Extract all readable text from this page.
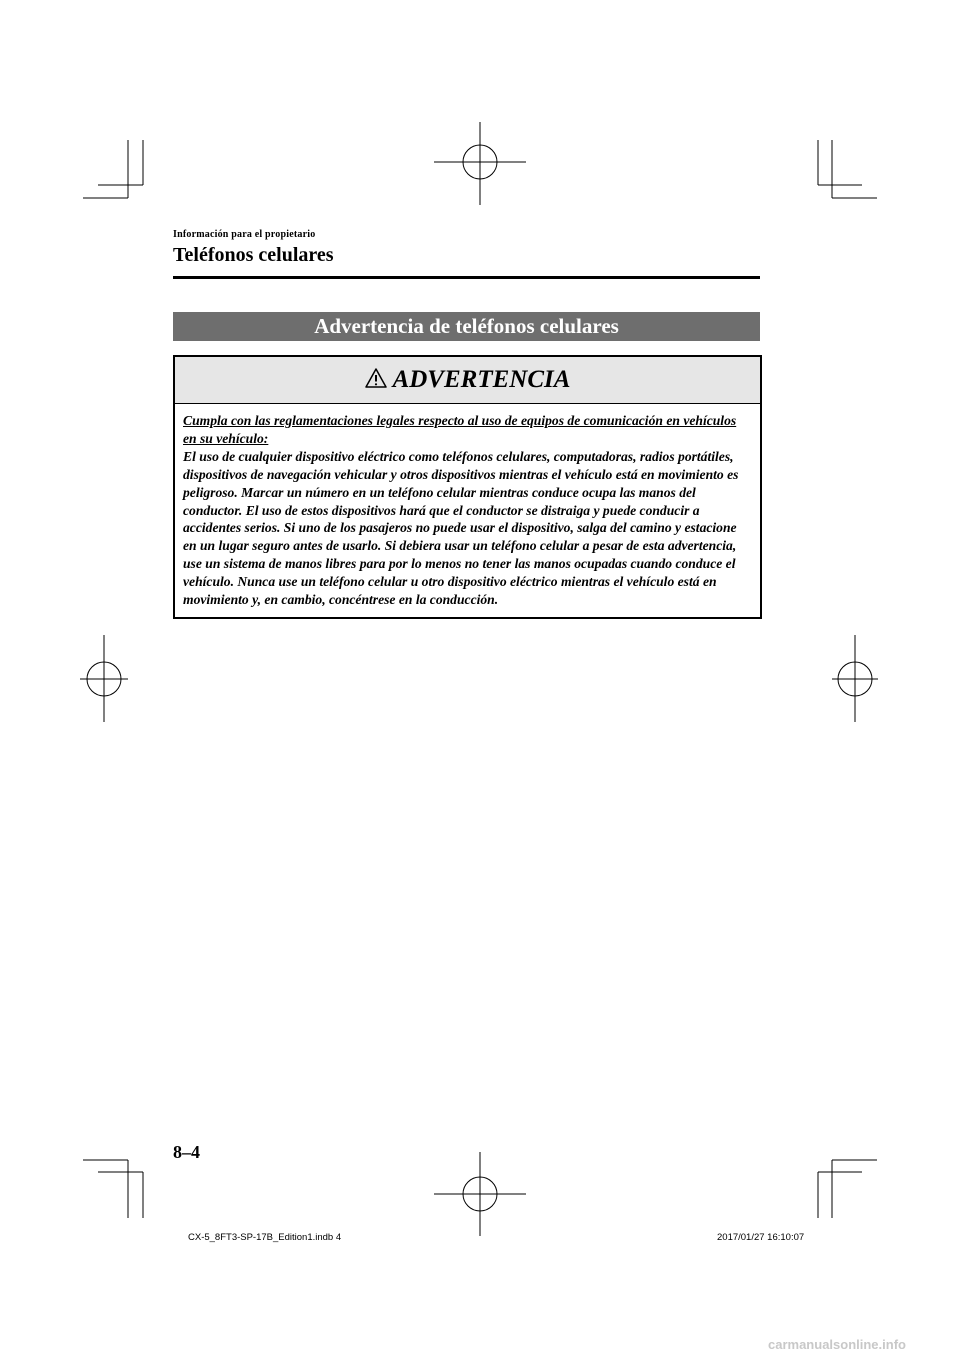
Información para el propietario
Teléfonos celulares
Advertencia de teléfonos celulares
ADVERTENCIA
Cumpla con las reglamentaciones legales respecto al uso de equipos de comunicación en vehículos en su vehículo:
El uso de cualquier dispositivo eléctrico como teléfonos celulares, computadoras, radios portátiles, dispositivos de navegación vehicular y otros dispositivos mientras el vehículo está en movimiento es peligroso. Marcar un número en un teléfono celular mientras conduce ocupa las manos del conductor. El uso de estos dispositivos hará que el conductor se distraiga y puede conducir a accidentes serios. Si uno de los pasajeros no puede usar el dispositivo, salga del camino y estacione en un lugar seguro antes de usarlo. Si debiera usar un teléfono celular a pesar de esta advertencia, use un sistema de manos libres para por lo menos no tener las manos ocupadas cuando conduce el vehículo. Nunca use un teléfono celular u otro dispositivo eléctrico mientras el vehículo está en movimiento y, en cambio, concéntrese en la conducción.
8–4
CX-5_8FT3-SP-17B_Edition1.indb 4	2017/01/27 16:10:07
carmanualsonline.info
